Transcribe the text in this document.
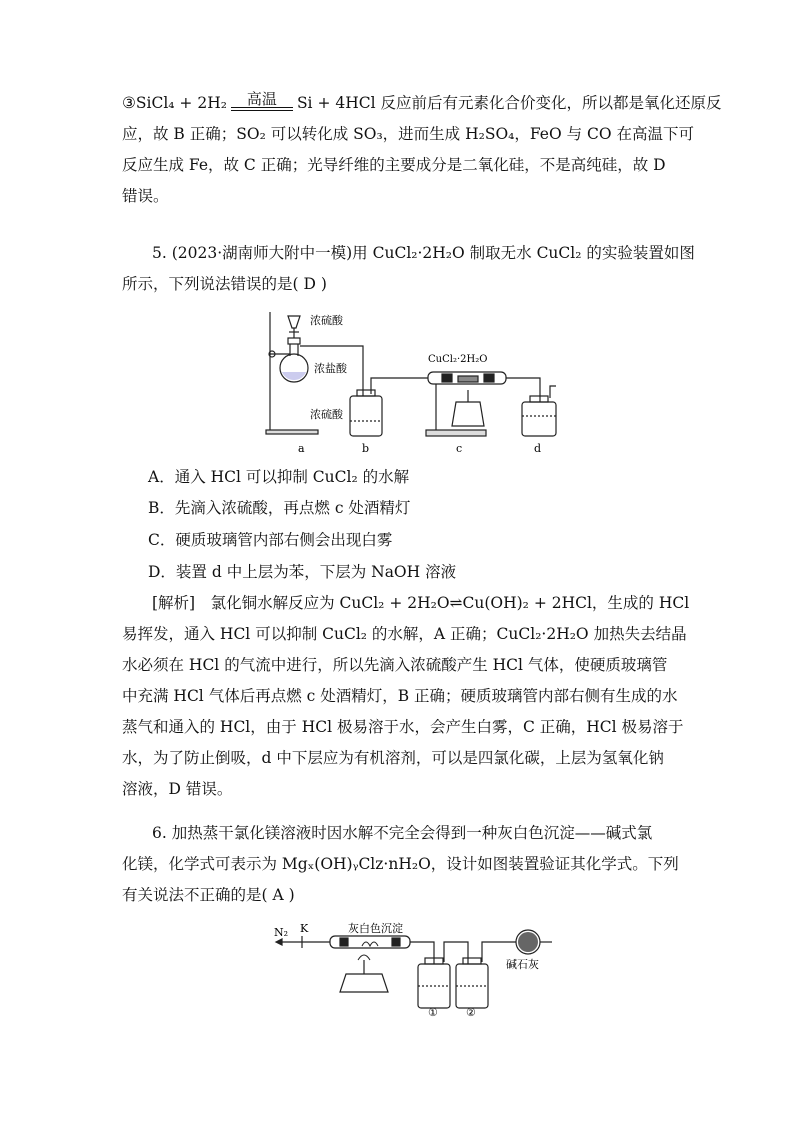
③SiCl₄ + 2H₂	高温	Si + 4HCl 反应前后有元素化合价变化，所以都是氧化还原反

应，故 B 正确；SO₂ 可以转化成 SO₃，进而生成 H₂SO₄，FeO 与 CO 在高温下可

反应生成 Fe，故 C 正确；光导纤维的主要成分是二氧化硅，不是高纯硅，故 D

错误。

5. (2023·湖南师大附中一模)用 CuCl₂·2H₂O 制取无水 CuCl₂ 的实验装置如图

所示，下列说法错误的是( D )

浓硫酸
浓盐酸
浓硫酸
CuCl₂·2H₂O
a	b	c	d
A．通入 HCl 可以抑制 CuCl₂ 的水解
B．先滴入浓硫酸，再点燃 c 处酒精灯
C．硬质玻璃管内部右侧会出现白雾
D．装置 d 中上层为苯，下层为 NaOH 溶液

[解析]　氯化铜水解反应为 CuCl₂ + 2H₂O⇌Cu(OH)₂ + 2HCl，生成的 HCl

易挥发，通入 HCl 可以抑制 CuCl₂ 的水解，A 正确；CuCl₂·2H₂O 加热失去结晶

水必须在 HCl 的气流中进行，所以先滴入浓硫酸产生 HCl 气体，使硬质玻璃管

中充满 HCl 气体后再点燃 c 处酒精灯，B 正确；硬质玻璃管内部右侧有生成的水

蒸气和通入的 HCl，由于 HCl 极易溶于水，会产生白雾，C 正确，HCl 极易溶于

水，为了防止倒吸，d 中下层应为有机溶剂，可以是四氯化碳，上层为氢氧化钠

溶液，D 错误。

6. 加热蒸干氯化镁溶液时因水解不完全会得到一种灰白色沉淀——碱式氯

化镁，化学式可表示为 Mgₓ(OH)ᵧClz·nH₂O，设计如图装置验证其化学式。下列

有关说法不正确的是( A )

N₂ K	灰白色沉淀
碱石灰
①	②
